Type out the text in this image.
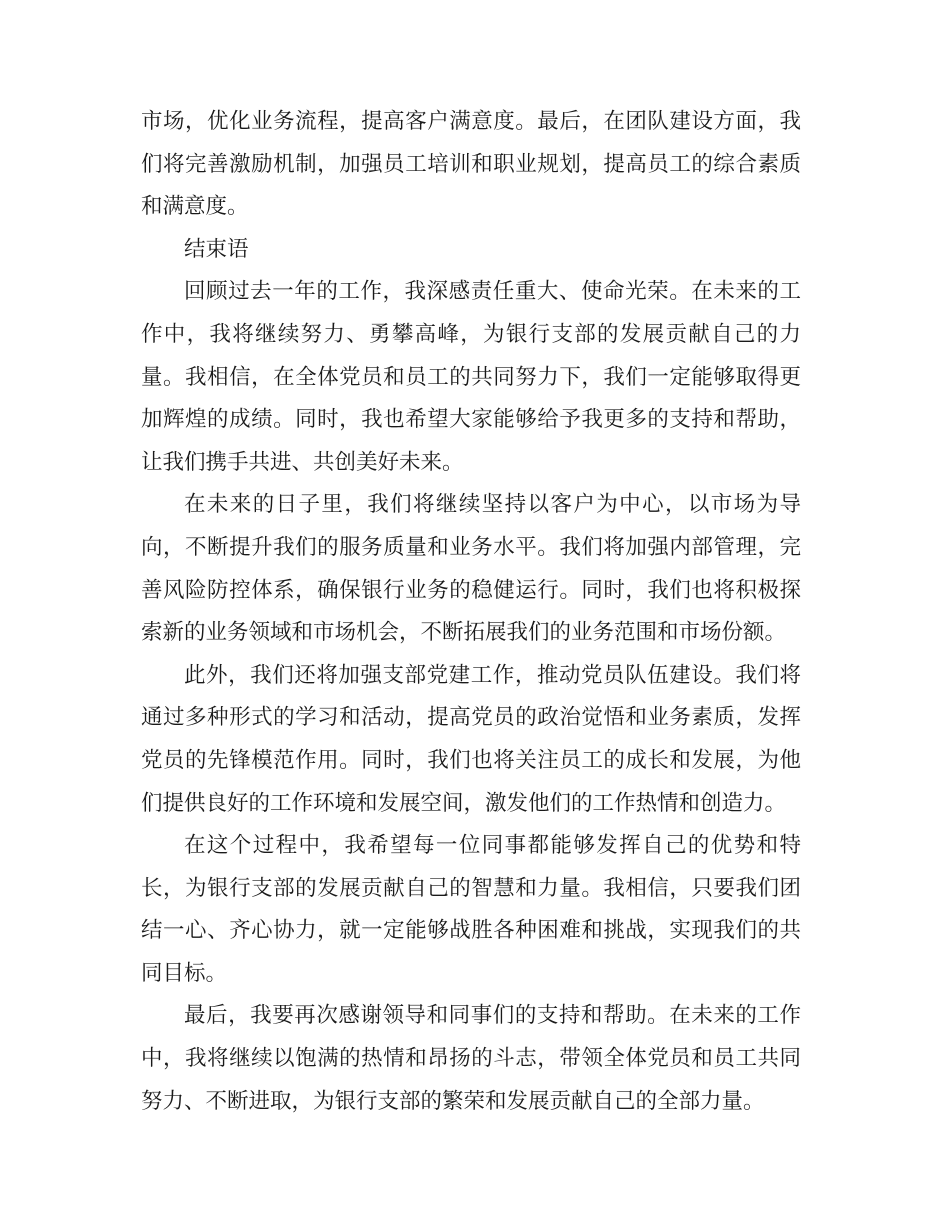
市场，优化业务流程，提高客户满意度。最后，在团队建设方面，我们将完善激励机制，加强员工培训和职业规划，提高员工的综合素质和满意度。

结束语

回顾过去一年的工作，我深感责任重大、使命光荣。在未来的工作中，我将继续努力、勇攀高峰，为银行支部的发展贡献自己的力量。我相信，在全体党员和员工的共同努力下，我们一定能够取得更加辉煌的成绩。同时，我也希望大家能够给予我更多的支持和帮助，让我们携手共进、共创美好未来。

在未来的日子里，我们将继续坚持以客户为中心，以市场为导向，不断提升我们的服务质量和业务水平。我们将加强内部管理，完善风险防控体系，确保银行业务的稳健运行。同时，我们也将积极探索新的业务领域和市场机会，不断拓展我们的业务范围和市场份额。

此外，我们还将加强支部党建工作，推动党员队伍建设。我们将通过多种形式的学习和活动，提高党员的政治觉悟和业务素质，发挥党员的先锋模范作用。同时，我们也将关注员工的成长和发展，为他们提供良好的工作环境和发展空间，激发他们的工作热情和创造力。

在这个过程中，我希望每一位同事都能够发挥自己的优势和特长，为银行支部的发展贡献自己的智慧和力量。我相信，只要我们团结一心、齐心协力，就一定能够战胜各种困难和挑战，实现我们的共同目标。

最后，我要再次感谢领导和同事们的支持和帮助。在未来的工作中，我将继续以饱满的热情和昂扬的斗志，带领全体党员和员工共同努力、不断进取，为银行支部的繁荣和发展贡献自己的全部力量。
